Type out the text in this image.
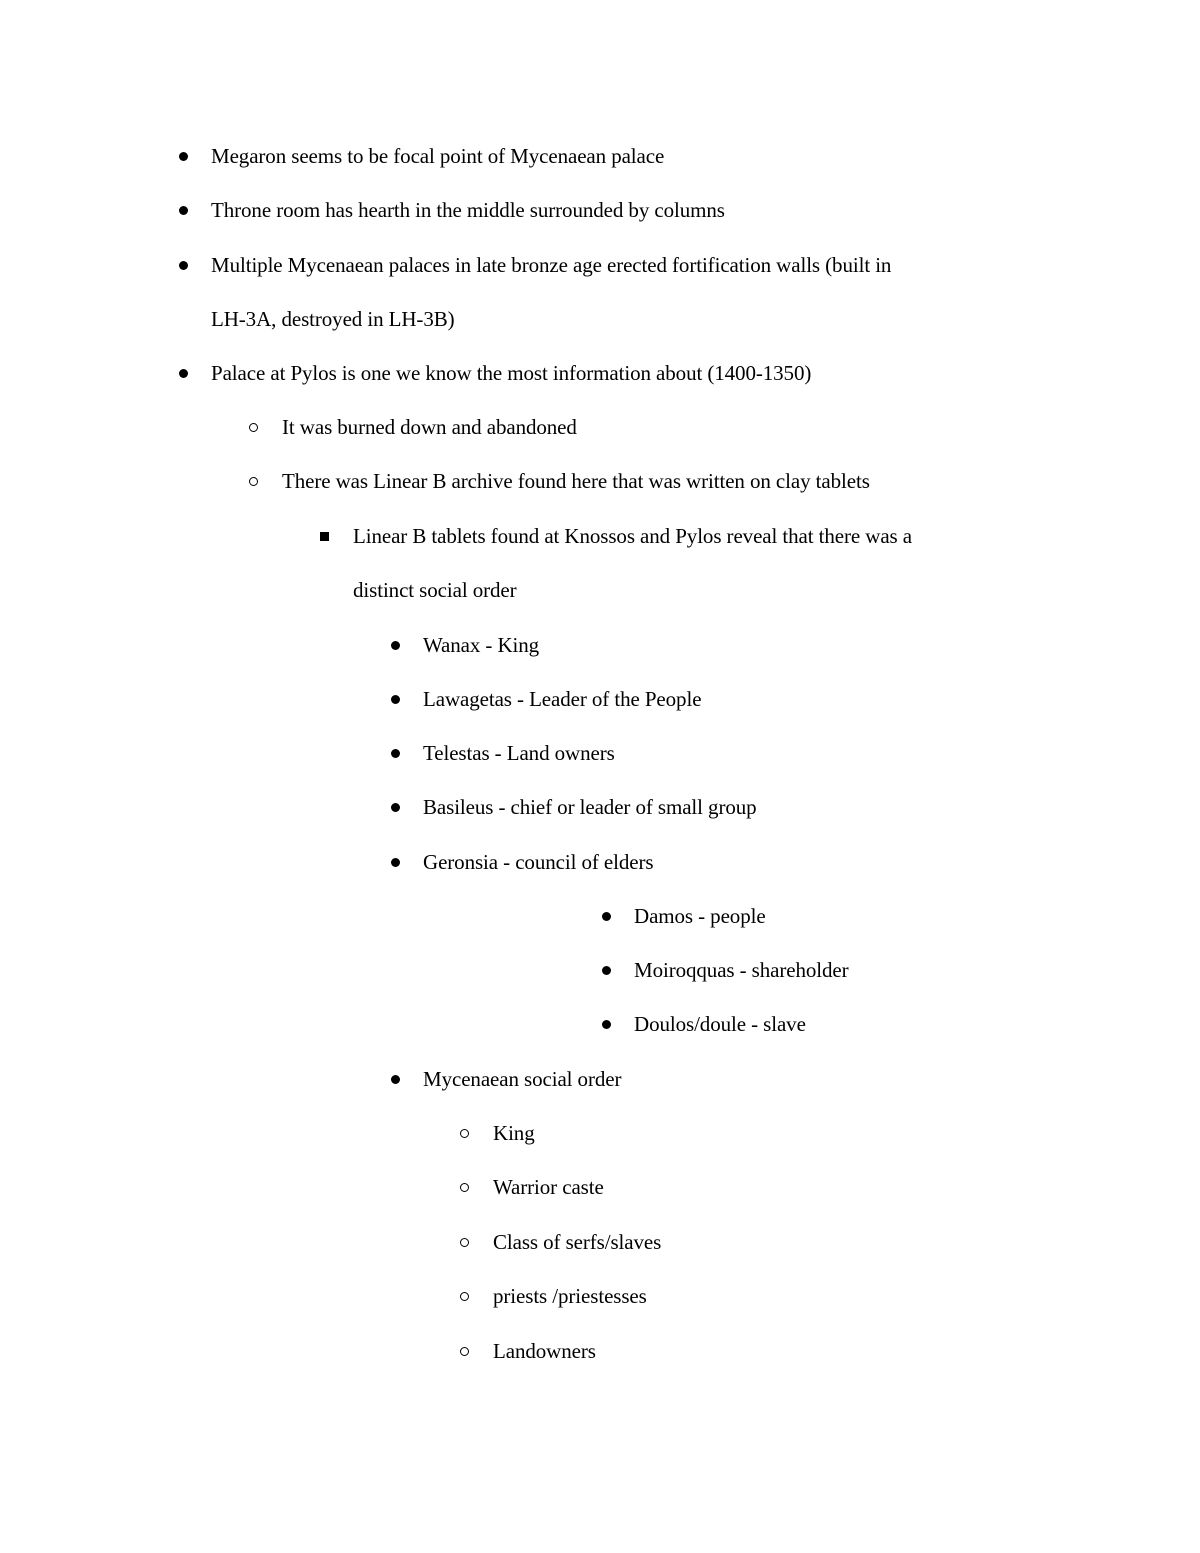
Megaron seems to be focal point of Mycenaean palace
Throne room has hearth in the middle surrounded by columns
Multiple Mycenaean palaces in late bronze age erected fortification walls (built in
LH-3A, destroyed in LH-3B)
Palace at Pylos is one we know the most information about (1400-1350)
It was burned down and abandoned
There was Linear B archive found here that was written on clay tablets
Linear B tablets found at Knossos and Pylos reveal that there was a
distinct social order
Wanax - King
Lawagetas - Leader of the People
Telestas - Land owners
Basileus - chief or leader of small group
Geronsia - council of elders
Damos - people
Moiroqquas - shareholder
Doulos/doule - slave
Mycenaean social order
King
Warrior caste
Class of serfs/slaves
priests /priestesses
Landowners
